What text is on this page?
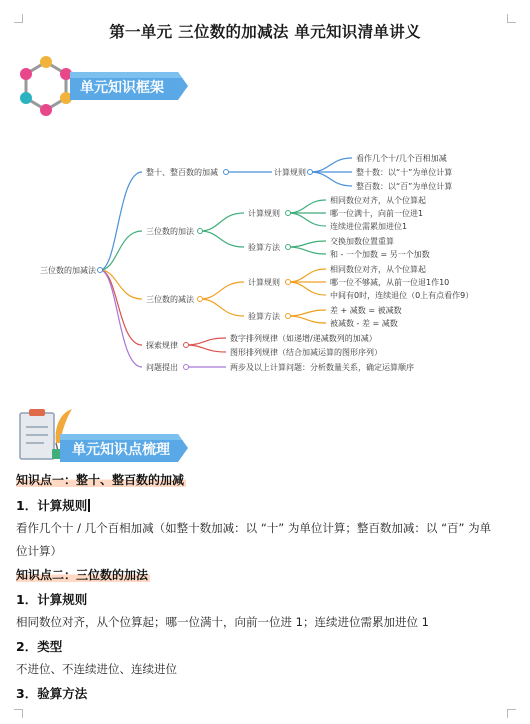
第一单元 三位数的加减法 单元知识清单讲义
单元知识框架
三位数的加减法
整十、整百数的加减	计算规则
看作几个十/几个百相加减
整十数：以“十”为单位计算
整百数：以“百”为单位计算
三位数的加法
计算规则
相同数位对齐，从个位算起
哪一位满十，向前一位进1
连续进位需累加进位1
验算方法
交换加数位置重算
和 - 一个加数 = 另一个加数
三位数的减法
计算规则
相同数位对齐，从个位算起
哪一位不够减，从前一位退1作10
中间有0时，连续退位（0上有点看作9）
验算方法
差 + 减数 = 被减数
被减数 - 差 = 减数
探索规律
数字排列规律（如递增/递减数列的加减）
图形排列规律（结合加减运算的图形序列）
问题提出	两步及以上计算问题：分析数量关系，确定运算顺序
单元知识点梳理
知识点一：整十、整百数的加减
1．计算规则
看作几个十 / 几个百相加减（如整十数加减：以 “十” 为单位计算；整百数加减：以 “百” 为单
位计算）
知识点二：三位数的加法
1．计算规则
相同数位对齐，从个位算起；哪一位满十，向前一位进 1；连续进位需累加进位 1
2．类型
不进位、不连续进位、连续进位
3．验算方法
